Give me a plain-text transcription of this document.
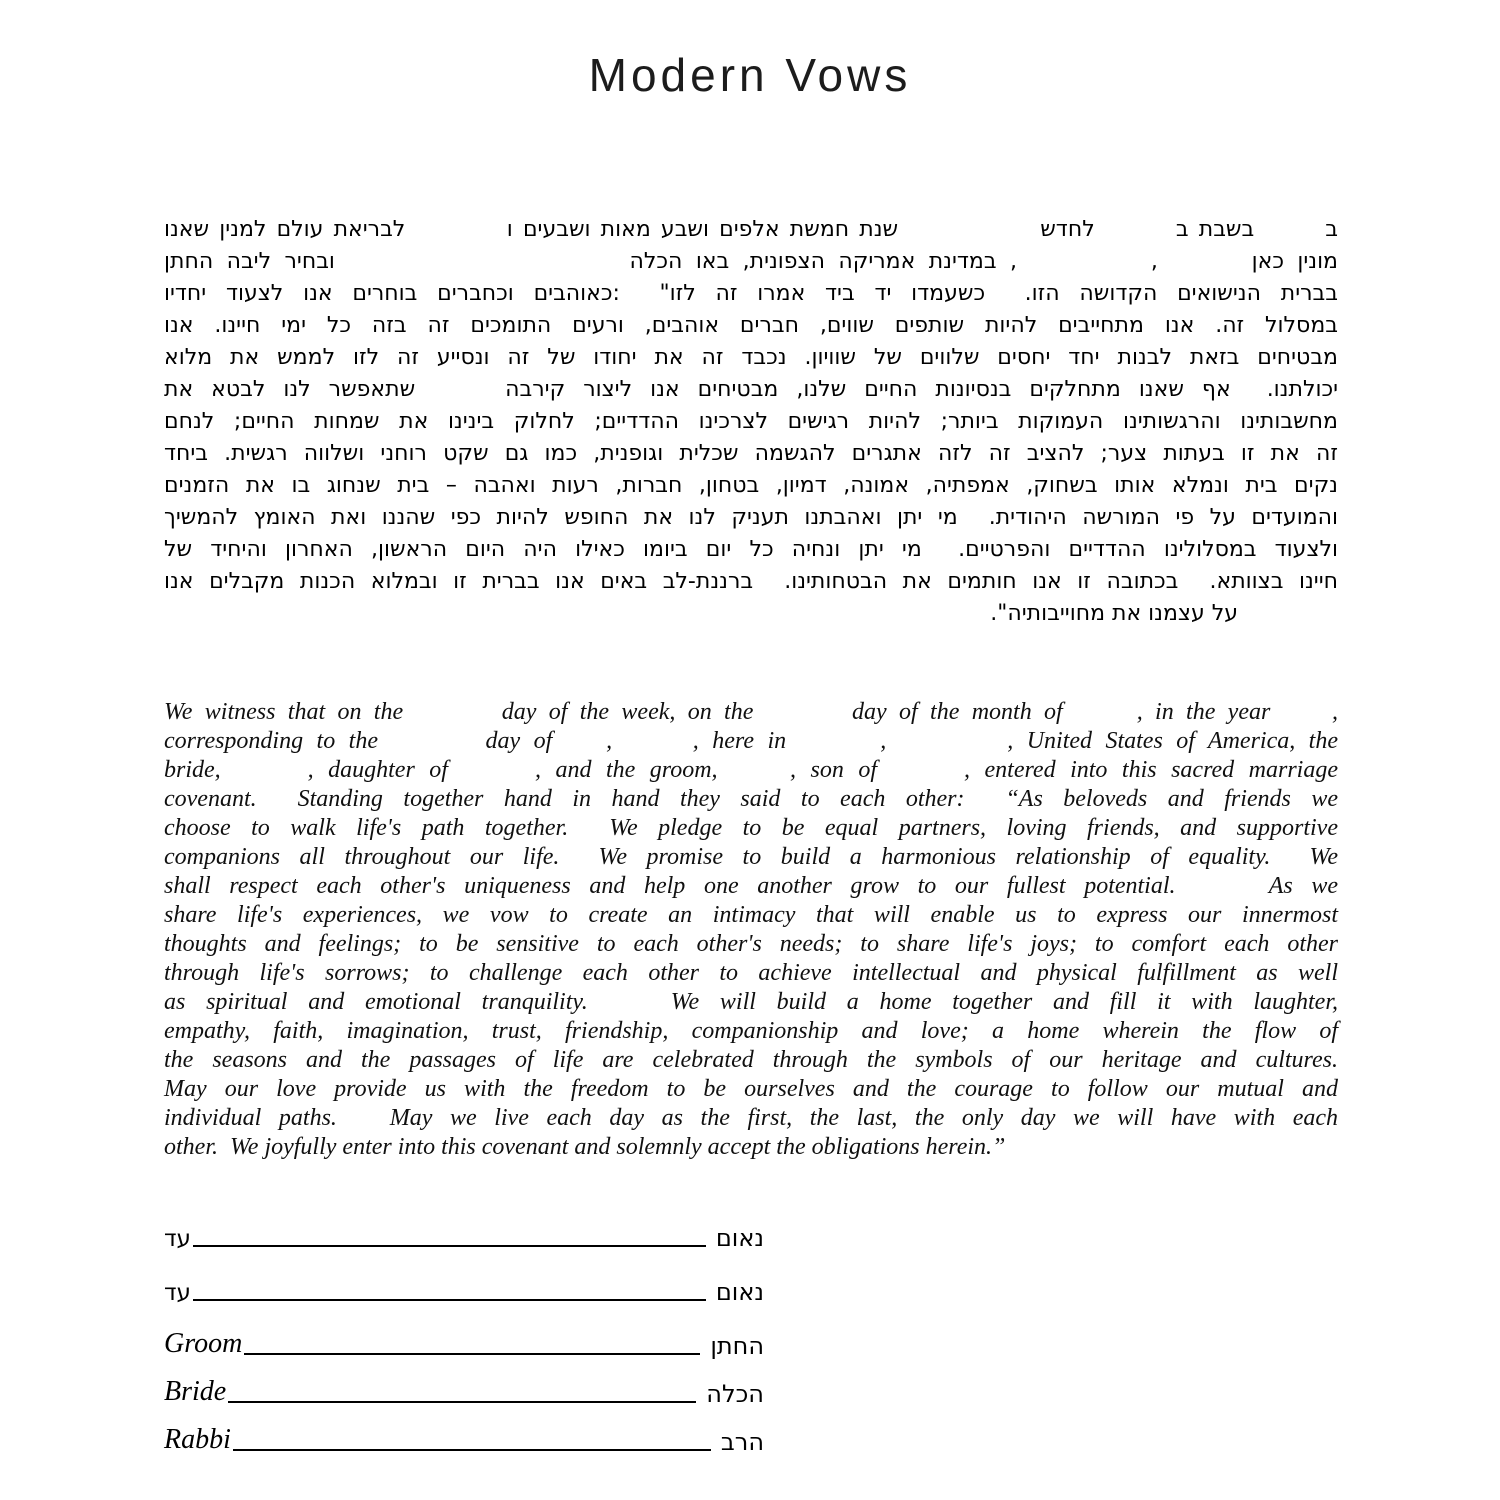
Modern Vows
ב       בשבת ב        לחדש              שנת חמשת אלפים ושבע מאות ושבעים ו          לבריאת עולם למנין שאנו
מונין כאן       ,          , במדינת אמריקה הצפונית, באו הכלה                      ובחיר ליבה החתן
בברית הנישואים הקדושה הזו.  כשעמדו יד ביד אמרו זה לזו"  :כאוהבים וכחברים בוחרים אנו לצעוד יחדיו
במסלול זה. אנו מתחייבים להיות שותפים שווים, חברים אוהבים, ורעים התומכים זה בזה כל ימי חיינו. אנו
מבטיחים בזאת לבנות יחד יחסים שלווים של שוויון. נכבד זה את יחודו של זה ונסייע זה לזו לממש את מלוא
יכולתנו.  אף שאנו מתחלקים בנסיונות החיים שלנו, מבטיחים אנו ליצור קירבה     שתאפשר לנו לבטא את
מחשבותינו והרגשותינו העמוקות ביותר; להיות רגישים לצרכינו ההדדיים; לחלוק בינינו את שמחות החיים; לנחם
זה את זו בעתות צער; להציב זה לזה אתגרים להגשמה שכלית וגופנית, כמו גם שקט רוחני ושלווה רגשית. ביחד
נקים בית ונמלא אותו בשחוק, אמפתיה, אמונה, דמיון, בטחון, חברות, רעות ואהבה – בית שנחוג בו את הזמנים
והמועדים על פי המורשה היהודית.  מי יתן ואהבתנו תעניק לנו את החופש להיות כפי שהננו ואת האומץ להמשיך
ולצעוד במסלולינו ההדדיים והפרטיים.  מי יתן ונחיה כל יום ביומו כאילו היה היום הראשון, האחרון והיחיד של
חיינו בצוותא.  בכתובה זו אנו חותמים את הבטחותינו.  ברננת-לב באים אנו בברית זו ובמלוא הכנות מקבלים אנו
על עצמנו את מחוייבותיה".
We witness that on the        day of the week, on the        day of the month of      , in the year     ,
corresponding to the        day of    ,      , here in       ,         , United States of America, the
bride,      , daughter of      , and the groom,     , son of      , entered into this sacred marriage
covenant.  Standing together hand in hand they said to each other:  “As beloveds and friends we
choose to walk life's path together.  We pledge to be equal partners, loving friends, and supportive
companions all throughout our life.  We promise to build a harmonious relationship of equality.  We
shall respect each other's uniqueness and help one another grow to our fullest potential.     As we
share life's experiences, we vow to create an intimacy that will enable us to express our innermost
thoughts and feelings; to be sensitive to each other's needs; to share life's joys; to comfort each other
through life's sorrows; to challenge each other to achieve intellectual and physical fulfillment as well
as spiritual and emotional tranquility.    We will build a home together and fill it with laughter,
empathy, faith, imagination, trust, friendship, companionship and love; a home wherein the flow of
the seasons and the passages of life are celebrated through the symbols of our heritage and cultures.
May our love provide us with the freedom to be ourselves and the courage to follow our mutual and
individual paths.   May we live each day as the first, the last, the only day we will have with each
other.  We joyfully enter into this covenant and solemnly accept the obligations herein.”
עד	נאום
עד	נאום
Groom	החתן
Bride	הכלה
Rabbi	הרב
